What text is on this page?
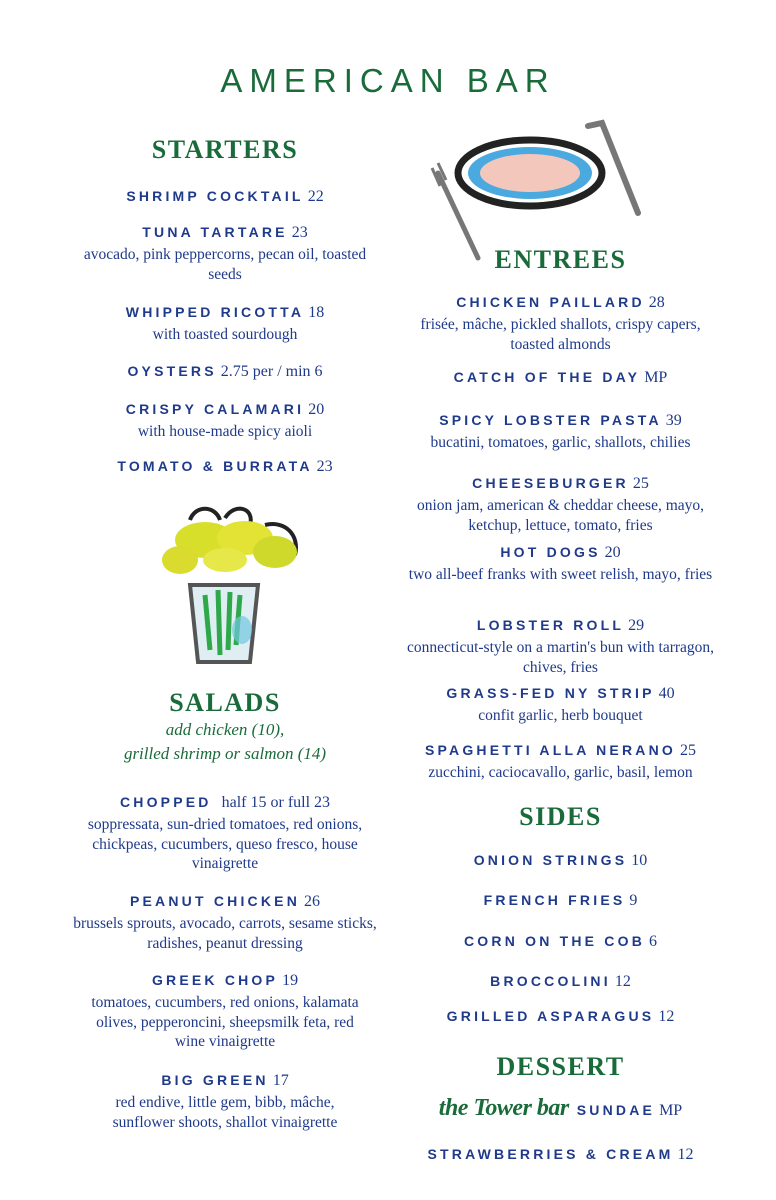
AMERICAN BAR
STARTERS
SHRIMP COCKTAIL 22
TUNA TARTARE 23
avocado, pink peppercorns, pecan oil, toasted seeds
WHIPPED RICOTTA 18
with toasted sourdough
OYSTERS 2.75 per / min 6
CRISPY CALAMARI 20
with house-made spicy aioli
TOMATO & BURRATA 23
SALADS
add chicken (10),
grilled shrimp or salmon (14)
CHOPPED half 15 or full 23
soppressata, sun-dried tomatoes, red onions, chickpeas, cucumbers, queso fresco, house vinaigrette
PEANUT CHICKEN 26
brussels sprouts, avocado, carrots, sesame sticks, radishes, peanut dressing
GREEK CHOP 19
tomatoes, cucumbers, red onions, kalamata olives, pepperoncini, sheepsmilk feta, red wine vinaigrette
BIG GREEN 17
red endive, little gem, bibb, mâche, sunflower shoots, shallot vinaigrette
ENTREES
CHICKEN PAILLARD 28
frisée, mâche, pickled shallots, crispy capers, toasted almonds
CATCH OF THE DAY MP
SPICY LOBSTER PASTA 39
bucatini, tomatoes, garlic, shallots, chilies
CHEESEBURGER 25
onion jam, american & cheddar cheese, mayo, ketchup, lettuce, tomato, fries
HOT DOGS 20
two all-beef franks with sweet relish, mayo, fries
LOBSTER ROLL 29
connecticut-style on a martin's bun with tarragon, chives, fries
GRASS-FED NY STRIP 40
confit garlic, herb bouquet
SPAGHETTI ALLA NERANO 25
zucchini, caciocavallo, garlic, basil, lemon
SIDES
ONION STRINGS 10
FRENCH FRIES 9
CORN ON THE COB 6
BROCCOLINI 12
GRILLED ASPARAGUS 12
DESSERT
the Tower bar SUNDAE MP
STRAWBERRIES & CREAM 12
